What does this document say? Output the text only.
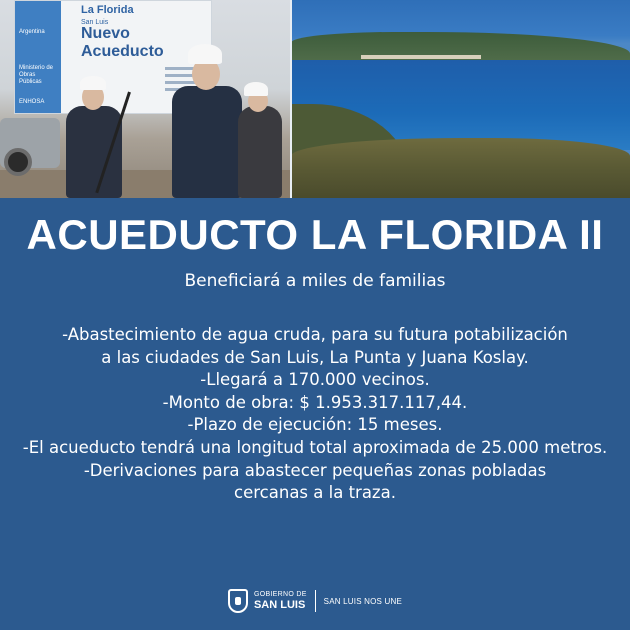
Argentina
Ministerio de Obras Públicas
ENHOSA
La Florida
San Luis
Nuevo
Acueducto
ACUEDUCTO LA FLORIDA II
Beneficiará a miles de familias
-Abastecimiento de agua cruda, para su futura potabilización
a las ciudades de San Luis, La Punta y Juana Koslay.
-Llegará a 170.000 vecinos.
-Monto de obra: $ 1.953.317.117,44.
-Plazo de ejecución: 15 meses.
-El acueducto tendrá una longitud total aproximada de 25.000 metros.
-Derivaciones para abastecer pequeñas zonas pobladas
cercanas a la traza.
GOBIERNO DE
SAN LUIS SAN LUIS NOS UNE
